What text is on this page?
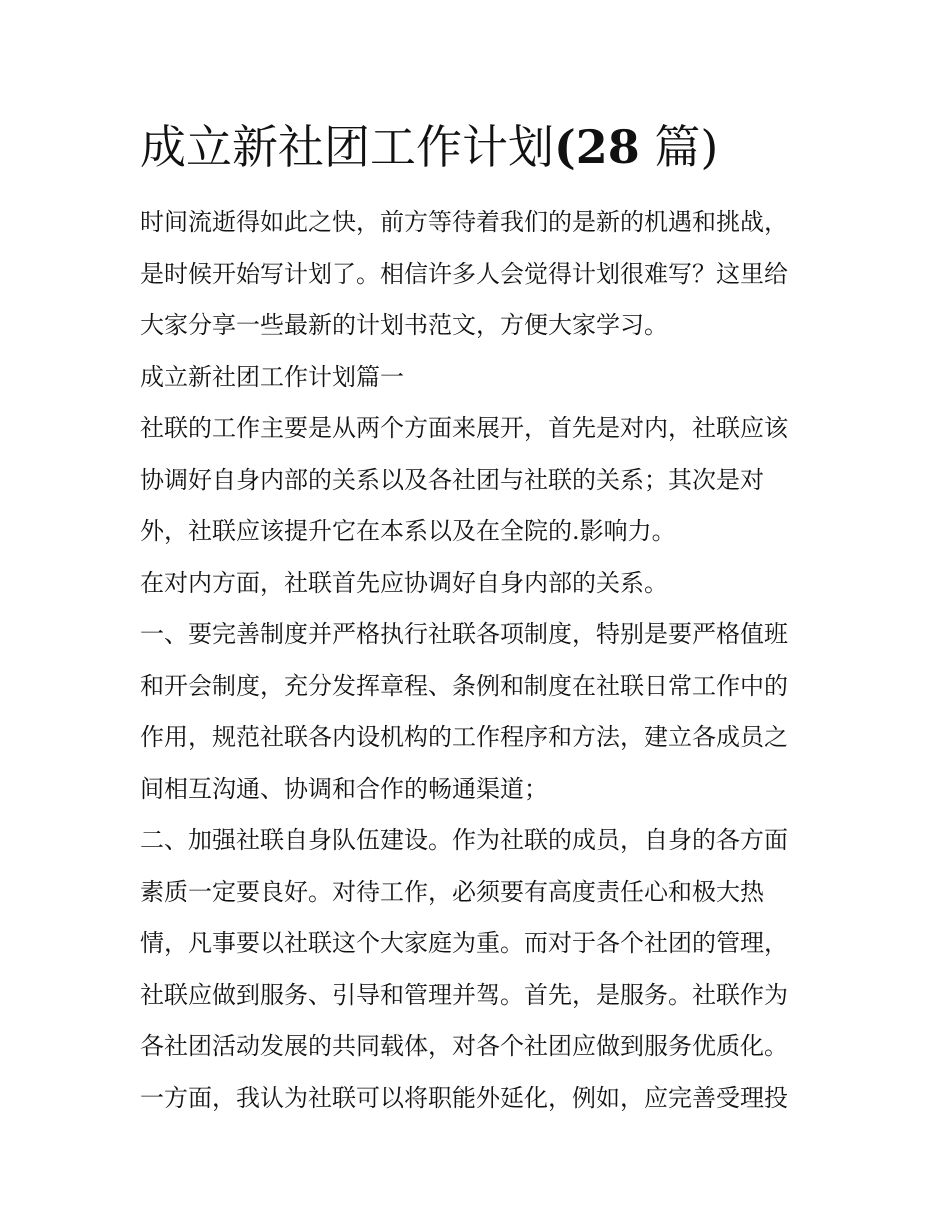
成立新社团工作计划(28 篇)

时间流逝得如此之快，前方等待着我们的是新的机遇和挑战，

是时候开始写计划了。相信许多人会觉得计划很难写？这里给

大家分享一些最新的计划书范文，方便大家学习。

成立新社团工作计划篇一

社联的工作主要是从两个方面来展开，首先是对内，社联应该

协调好自身内部的关系以及各社团与社联的关系；其次是对

外，社联应该提升它在本系以及在全院的.影响力。

在对内方面，社联首先应协调好自身内部的关系。

一、要完善制度并严格执行社联各项制度，特别是要严格值班

和开会制度，充分发挥章程、条例和制度在社联日常工作中的

作用，规范社联各内设机构的工作程序和方法，建立各成员之

间相互沟通、协调和合作的畅通渠道；

二、加强社联自身队伍建设。作为社联的成员，自身的各方面

素质一定要良好。对待工作，必须要有高度责任心和极大热

情，凡事要以社联这个大家庭为重。而对于各个社团的管理，

社联应做到服务、引导和管理并驾。首先，是服务。社联作为

各社团活动发展的共同载体，对各个社团应做到服务优质化。

一方面，我认为社联可以将职能外延化，例如，应完善受理投
